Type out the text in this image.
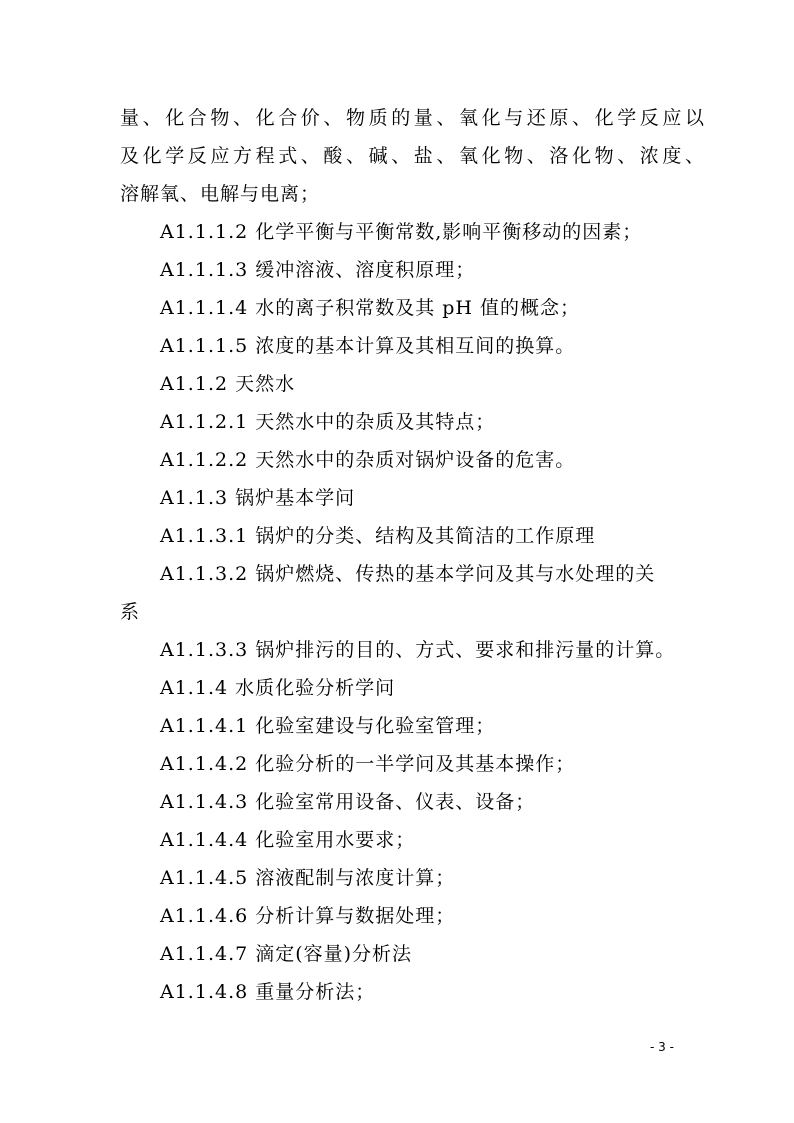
量、化合物、化合价、物质的量、氧化与还原、化学反应以
及化学反应方程式、酸、碱、盐、氧化物、洛化物、浓度、
溶解氧、电解与电离；
A1.1.1.2 化学平衡与平衡常数,影响平衡移动的因素；
A1.1.1.3 缓冲溶液、溶度积原理；
A1.1.1.4 水的离子积常数及其 pH 值的概念；
A1.1.1.5 浓度的基本计算及其相互间的换算。
A1.1.2 天然水
A1.1.2.1 天然水中的杂质及其特点；
A1.1.2.2 天然水中的杂质对锅炉设备的危害。
A1.1.3 锅炉基本学问
A1.1.3.1 锅炉的分类、结构及其简洁的工作原理
A1.1.3.2 锅炉燃烧、传热的基本学问及其与水处理的关
系
A1.1.3.3 锅炉排污的目的、方式、要求和排污量的计算。
A1.1.4 水质化验分析学问
A1.1.4.1 化验室建设与化验室管理；
A1.1.4.2 化验分析的一半学问及其基本操作；
A1.1.4.3 化验室常用设备、仪表、设备；
A1.1.4.4 化验室用水要求；
A1.1.4.5 溶液配制与浓度计算；
A1.1.4.6 分析计算与数据处理；
A1.1.4.7 滴定(容量)分析法
A1.1.4.8 重量分析法；
- 3 -
